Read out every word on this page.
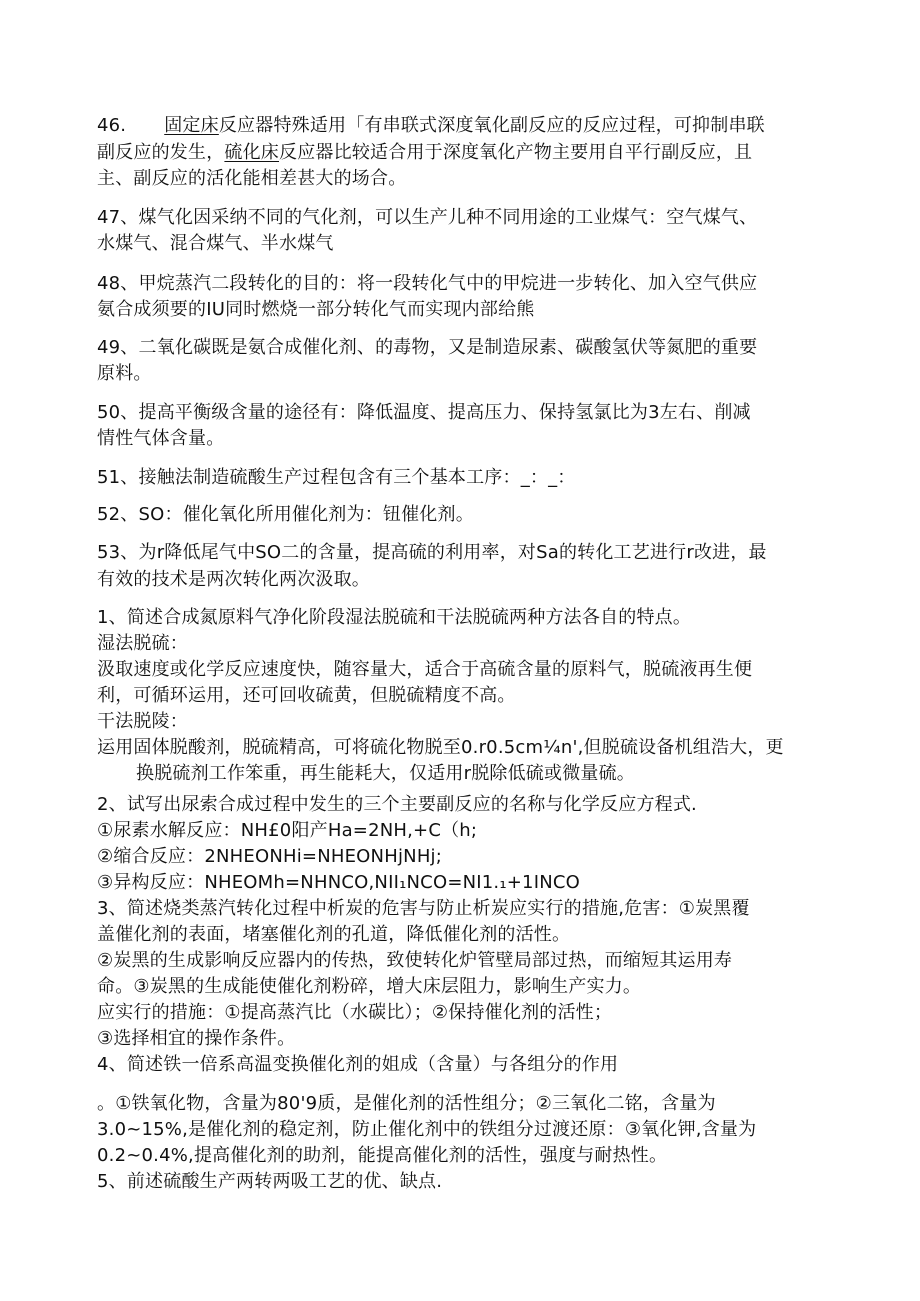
46. 固定床反应器特殊适用「有串联式深度氧化副反应的反应过程，可抑制串联
副反应的发生，硫化床反应器比较适合用于深度氧化产物主要用自平行副反应，且
主、副反应的活化能相差甚大的场合。
47、煤气化因采纳不同的气化剂，可以生产儿种不同用途的工业煤气：空气煤气、
水煤气、混合煤气、半水煤气
48、甲烷蒸汽二段转化的目的：将一段转化气中的甲烷进一步转化、加入空气供应
氨合成须要的IU同时燃烧一部分转化气而实现内部给熊
49、二氧化碳既是氨合成催化剂、的毒物，又是制造尿素、碳酸氢伏等氮肥的重要
原料。
50、提高平衡级含量的途径有：降低温度、提高压力、保持氢氯比为3左右、削减
情性气体含量。
51、接触法制造硫酸生产过程包含有三个基本工序：_：_：
52、SO：催化氧化所用催化剂为：钮催化剂。
53、为r降低尾气中SO二的含量，提高硫的利用率，对Sa的转化工艺进行r改进，最
有效的技术是两次转化两次汲取。
1、简述合成氮原料气净化阶段湿法脱硫和干法脱硫两种方法各自的特点。
湿法脱硫：
汲取速度或化学反应速度快，随容量大，适合于高硫含量的原料气，脱硫液再生便
利，可循环运用，还可回收硫黄，但脱硫精度不高。
干法脱陵：
运用固体脱酸剂，脱硫精高，可将硫化物脱至0.r0.5cm¼n',但脱硫设备机组浩大，更
换脱硫剂工作笨重，再生能耗大，仅适用r脱除低硫或微量硫。
2、试写出尿索合成过程中发生的三个主要副反应的名称与化学反应方程式.
①尿素水解反应：NH£0阳产Ha=2NH,+C（h;
②缩合反应：2NHEONHi=NHEONHjNHj;
③异构反应：NHEOMh=NHNCO,NII₁NCO=NI1.₁+1INCO
3、简述烧类蒸汽转化过程中析炭的危害与防止析炭应实行的措施,危害：①炭黑覆
盖催化剂的表面，堵塞催化剂的孔道，降低催化剂的活性。
②炭黑的生成影响反应器内的传热，致使转化炉管壁局部过热，而缩短其运用寿
命。③炭黑的生成能使催化剂粉碎，增大床层阻力，影响生产实力。
应实行的措施：①提高蒸汽比（水碳比）；②保持催化剂的活性；
③选择相宜的操作条件。
4、简述铁一倍系高温变换催化剂的姐成（含量）与各组分的作用
。①铁氧化物，含量为80'9质，是催化剂的活性组分；②三氧化二铭，含量为
3.0~15%,是催化剂的稳定剂，防止催化剂中的铁组分过渡还原：③氧化钾,含量为
0.2~0.4%,提高催化剂的助剂，能提高催化剂的活性，强度与耐热性。
5、前述硫酸生产两转两吸工艺的优、缺点.
